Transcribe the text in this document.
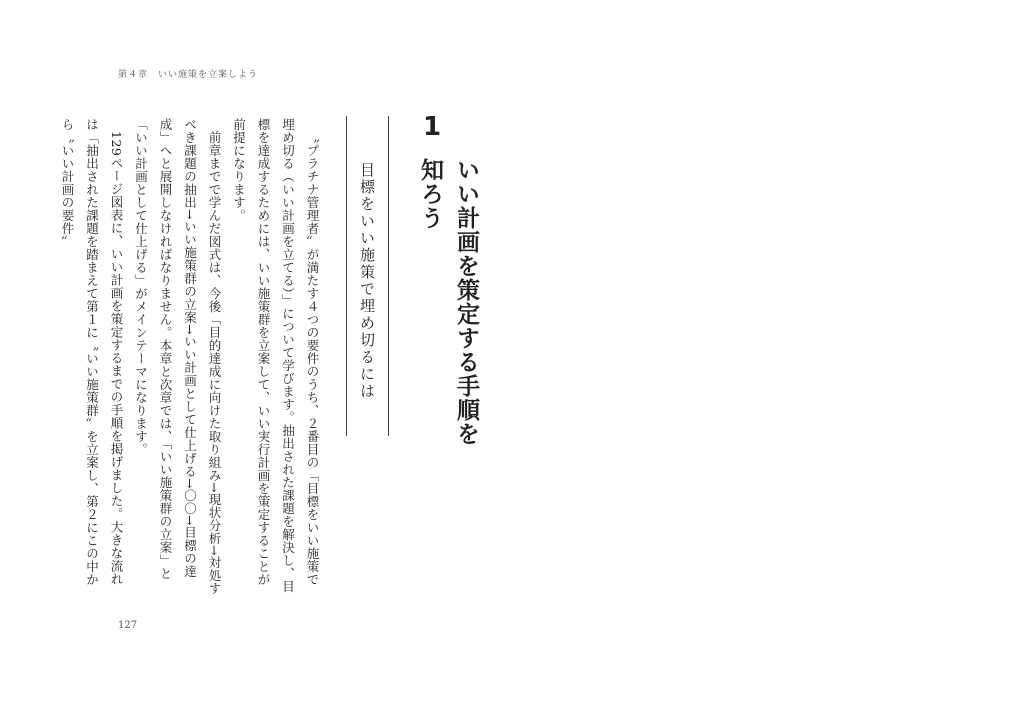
第４章　いい施策を立案しよう
1
いい計画を策定する手順を知ろう
目標をいい施策で埋め切るには

〝プラチナ管理者〟が満たす４つの要件のうち、２番目の「目標をいい施策で埋め切る（いい計画を立てる）」について学びます。抽出された課題を解決し、目標を達成するためには、いい施策群を立案して、いい実行計画を策定することが前提になります。

前章までで学んだ図式は、今後「目的達成に向けた取り組み→現状分析→対処すべき課題の抽出→いい施策群の立案→いい計画として仕上げる→〇〇→目標の達成」へと展開しなければなりません。本章と次章では、「いい施策群の立案」と「いい計画として仕上げる」がメインテーマになります。

129ページ図表に、いい計画を策定するまでの手順を掲げました。大きな流れは「抽出された課題を踏まえて第１に〝いい施策群〟を立案し、第２にこの中から〝いい計画の要件〟

127
